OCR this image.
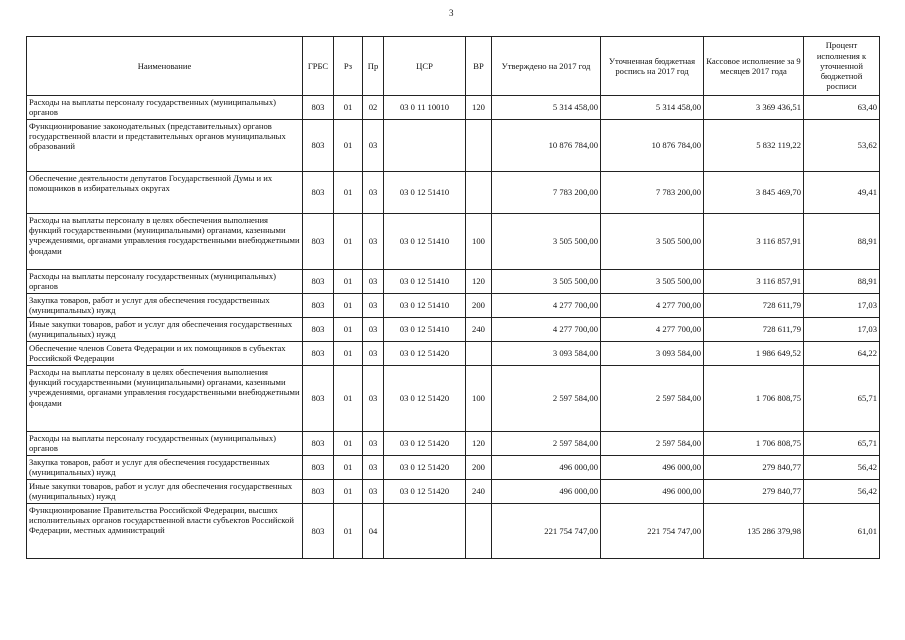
3
Наименование	ГРБС	Рз	Пр	ЦСР	ВР	Утверждено на 2017 год	Уточненная бюджетная роспись на 2017 год	Кассовое исполнение за 9 месяцев 2017 года	Процент исполнения к уточненной бюджетной росписи
Расходы на выплаты персоналу государственных (муниципальных) органов	803	01	02	03 0 11 10010	120	5 314 458,00	5 314 458,00	3 369 436,51	63,40
Функционирование законодательных (представительных) органов государственной власти и представительных органов муниципальных образований	803	01	03			10 876 784,00	10 876 784,00	5 832 119,22	53,62
Обеспечение деятельности депутатов Государственной Думы и их помощников в избирательных округах	803	01	03	03 0 12 51410		7 783 200,00	7 783 200,00	3 845 469,70	49,41
Расходы на выплаты персоналу в целях обеспечения выполнения функций государственными (муниципальными) органами, казенными учреждениями, органами управления государственными внебюджетными фондами	803	01	03	03 0 12 51410	100	3 505 500,00	3 505 500,00	3 116 857,91	88,91
Расходы на выплаты персоналу государственных (муниципальных) органов	803	01	03	03 0 12 51410	120	3 505 500,00	3 505 500,00	3 116 857,91	88,91
Закупка товаров, работ и услуг для обеспечения государственных (муниципальных) нужд	803	01	03	03 0 12 51410	200	4 277 700,00	4 277 700,00	728 611,79	17,03
Иные закупки товаров, работ и услуг для обеспечения государственных (муниципальных) нужд	803	01	03	03 0 12 51410	240	4 277 700,00	4 277 700,00	728 611,79	17,03
Обеспечение членов Совета Федерации и их помощников в субъектах Российской Федерации	803	01	03	03 0 12 51420		3 093 584,00	3 093 584,00	1 986 649,52	64,22
Расходы на выплаты персоналу в целях обеспечения выполнения функций государственными (муниципальными) органами, казенными учреждениями, органами управления государственными внебюджетными фондами	803	01	03	03 0 12 51420	100	2 597 584,00	2 597 584,00	1 706 808,75	65,71
Расходы на выплаты персоналу государственных (муниципальных) органов	803	01	03	03 0 12 51420	120	2 597 584,00	2 597 584,00	1 706 808,75	65,71
Закупка товаров, работ и услуг для обеспечения государственных (муниципальных) нужд	803	01	03	03 0 12 51420	200	496 000,00	496 000,00	279 840,77	56,42
Иные закупки товаров, работ и услуг для обеспечения государственных (муниципальных) нужд	803	01	03	03 0 12 51420	240	496 000,00	496 000,00	279 840,77	56,42
Функционирование Правительства Российской Федерации, высших исполнительных органов государственной власти субъектов Российской Федерации, местных администраций	803	01	04			221 754 747,00	221 754 747,00	135 286 379,98	61,01
